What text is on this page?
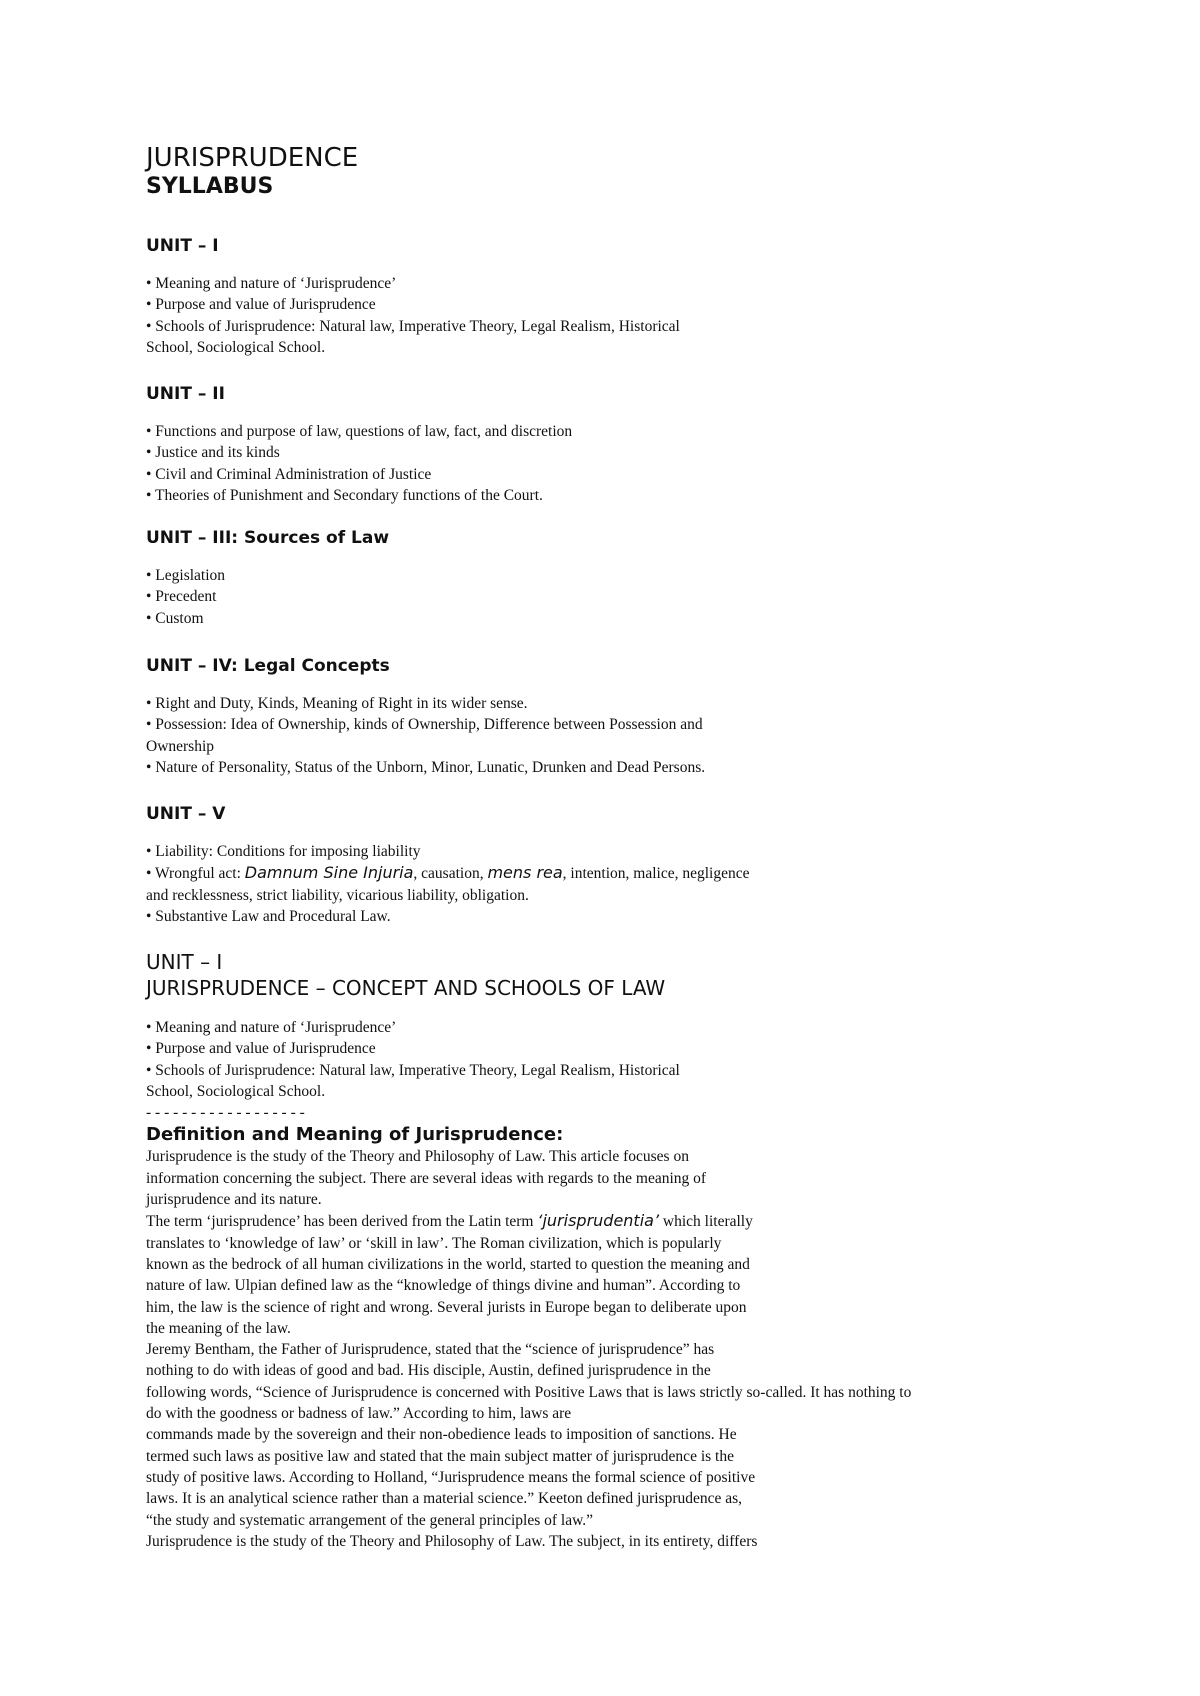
JURISPRUDENCE
SYLLABUS
UNIT – I
• Meaning and nature of ‘Jurisprudence’
• Purpose and value of Jurisprudence
• Schools of Jurisprudence: Natural law, Imperative Theory, Legal Realism, Historical
School, Sociological School.
UNIT – II
• Functions and purpose of law, questions of law, fact, and discretion
• Justice and its kinds
• Civil and Criminal Administration of Justice
• Theories of Punishment and Secondary functions of the Court.
UNIT – III: Sources of Law
• Legislation
• Precedent
• Custom
UNIT – IV: Legal Concepts
• Right and Duty, Kinds, Meaning of Right in its wider sense.
• Possession: Idea of Ownership, kinds of Ownership, Difference between Possession and
Ownership
• Nature of Personality, Status of the Unborn, Minor, Lunatic, Drunken and Dead Persons.
UNIT – V
• Liability: Conditions for imposing liability
• Wrongful act: Damnum Sine Injuria, causation, mens rea, intention, malice, negligence
and recklessness, strict liability, vicarious liability, obligation.
• Substantive Law and Procedural Law.
UNIT – I
JURISPRUDENCE – CONCEPT AND SCHOOLS OF LAW
• Meaning and nature of ‘Jurisprudence’
• Purpose and value of Jurisprudence
• Schools of Jurisprudence: Natural law, Imperative Theory, Legal Realism, Historical
School, Sociological School.
- - - - - - - - - - - - - - - - - -
Definition and Meaning of Jurisprudence:
Jurisprudence is the study of the Theory and Philosophy of Law. This article focuses on
information concerning the subject. There are several ideas with regards to the meaning of
jurisprudence and its nature.
The term ‘jurisprudence’ has been derived from the Latin term ‘jurisprudentia’ which literally
translates to ‘knowledge of law’ or ‘skill in law’. The Roman civilization, which is popularly
known as the bedrock of all human civilizations in the world, started to question the meaning and
nature of law. Ulpian defined law as the “knowledge of things divine and human”. According to
him, the law is the science of right and wrong. Several jurists in Europe began to deliberate upon
the meaning of the law.
Jeremy Bentham, the Father of Jurisprudence, stated that the “science of jurisprudence” has
nothing to do with ideas of good and bad. His disciple, Austin, defined jurisprudence in the
following words, “Science of Jurisprudence is concerned with Positive Laws that is laws strictly so-called. It has nothing to
do with the goodness or badness of law.” According to him, laws are
commands made by the sovereign and their non-obedience leads to imposition of sanctions. He
termed such laws as positive law and stated that the main subject matter of jurisprudence is the
study of positive laws. According to Holland, “Jurisprudence means the formal science of positive
laws. It is an analytical science rather than a material science.” Keeton defined jurisprudence as,
“the study and systematic arrangement of the general principles of law.”
Jurisprudence is the study of the Theory and Philosophy of Law. The subject, in its entirety, differs
